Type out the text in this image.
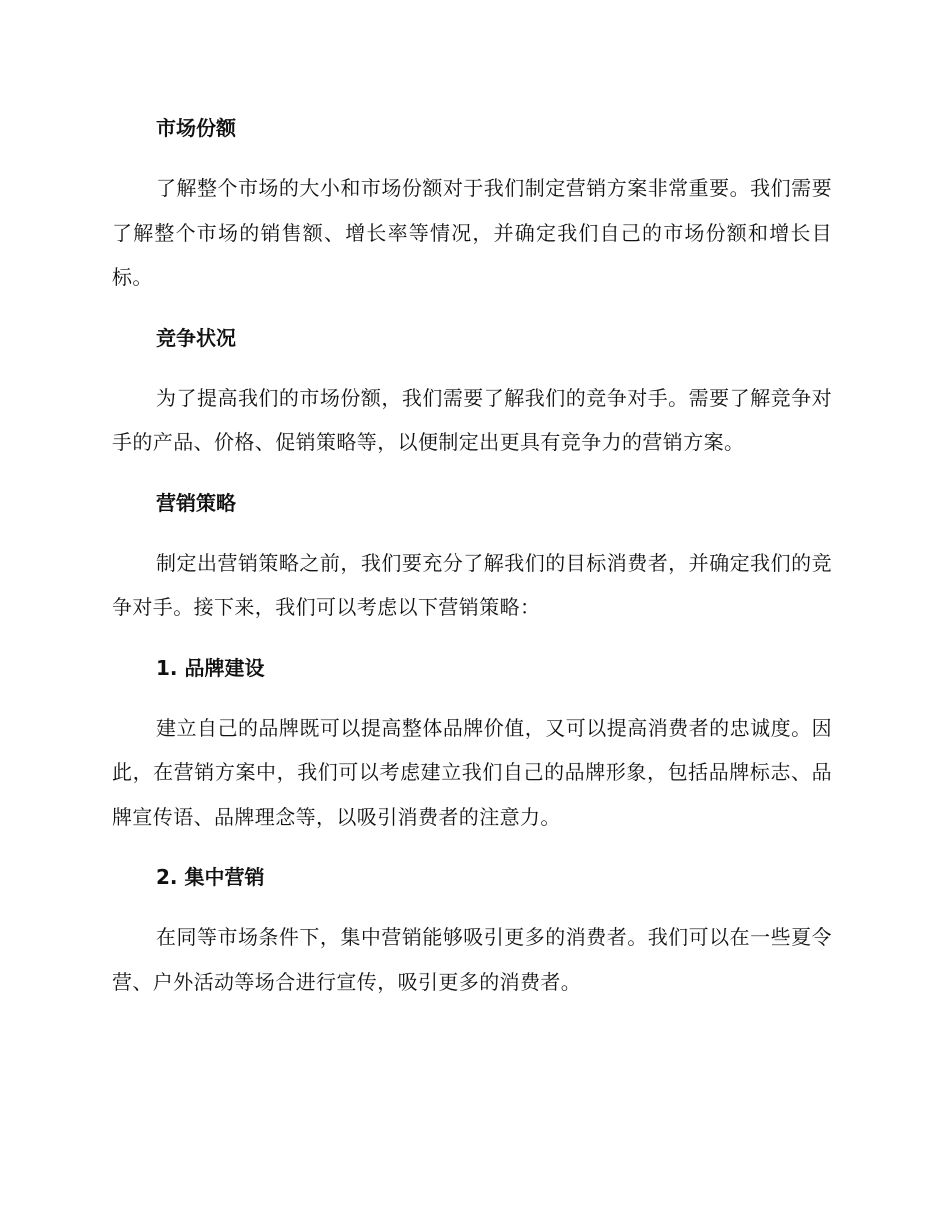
市场份额

了解整个市场的大小和市场份额对于我们制定营销方案非常重要。我们需要了解整个市场的销售额、增长率等情况，并确定我们自己的市场份额和增长目标。

竞争状况

为了提高我们的市场份额，我们需要了解我们的竞争对手。需要了解竞争对手的产品、价格、促销策略等，以便制定出更具有竞争力的营销方案。

营销策略

制定出营销策略之前，我们要充分了解我们的目标消费者，并确定我们的竞争对手。接下来，我们可以考虑以下营销策略：

1. 品牌建设

建立自己的品牌既可以提高整体品牌价值，又可以提高消费者的忠诚度。因此，在营销方案中，我们可以考虑建立我们自己的品牌形象，包括品牌标志、品牌宣传语、品牌理念等，以吸引消费者的注意力。

2. 集中营销

在同等市场条件下，集中营销能够吸引更多的消费者。我们可以在一些夏令营、户外活动等场合进行宣传，吸引更多的消费者。
